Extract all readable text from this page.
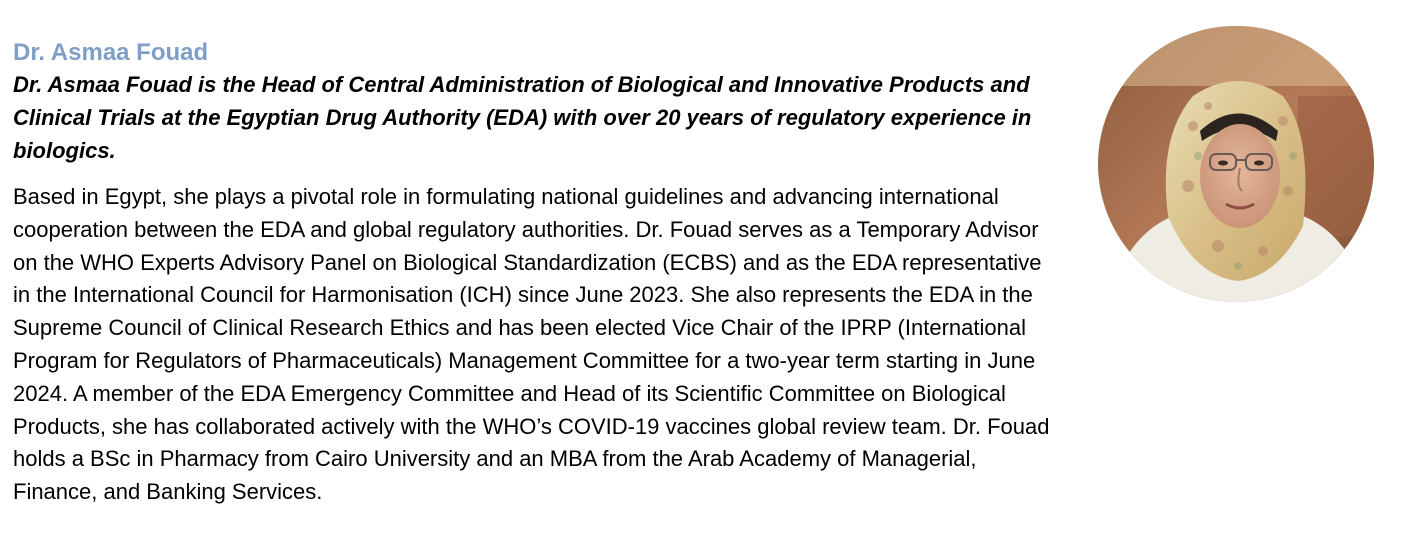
Dr. Asmaa Fouad

Dr. Asmaa Fouad is the Head of Central Administration of Biological and Innovative Products and Clinical Trials at the Egyptian Drug Authority (EDA) with over 20 years of regulatory experience in biologics.

Based in Egypt, she plays a pivotal role in formulating national guidelines and advancing international cooperation between the EDA and global regulatory authorities. Dr. Fouad serves as a Temporary Advisor on the WHO Experts Advisory Panel on Biological Standardization (ECBS) and as the EDA representative in the International Council for Harmonisation (ICH) since June 2023. She also represents the EDA in the Supreme Council of Clinical Research Ethics and has been elected Vice Chair of the IPRP (International Program for Regulators of Pharmaceuticals) Management Committee for a two-year term starting in June 2024. A member of the EDA Emergency Committee and Head of its Scientific Committee on Biological Products, she has collaborated actively with the WHO’s COVID-19 vaccines global review team. Dr. Fouad holds a BSc in Pharmacy from Cairo University and an MBA from the Arab Academy of Managerial, Finance, and Banking Services.
